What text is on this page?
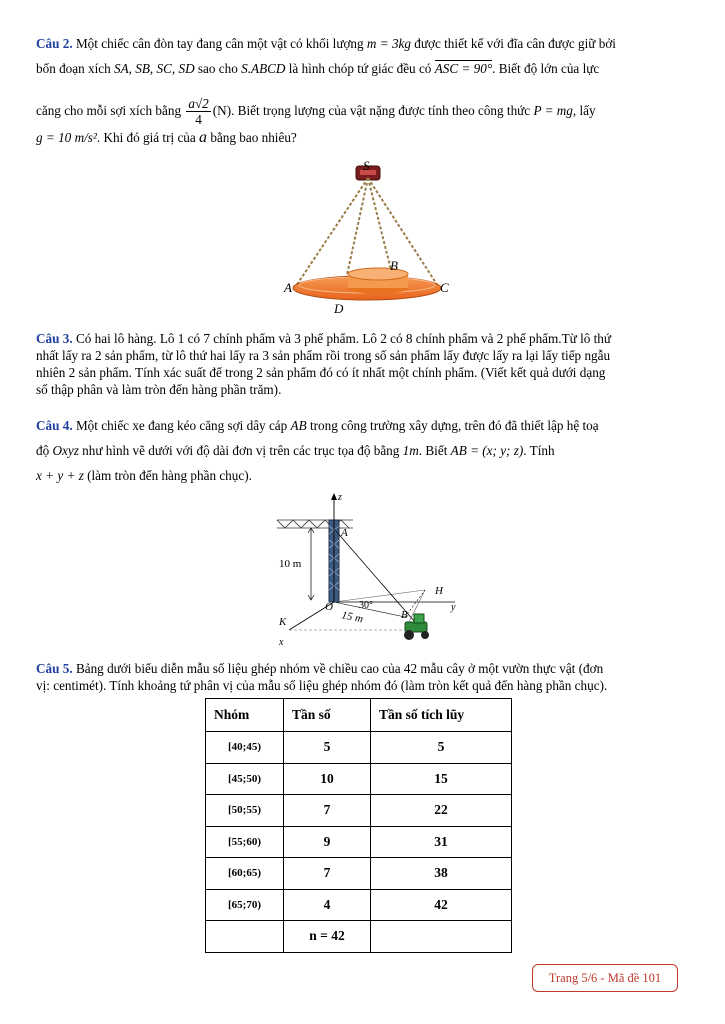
Câu 2. Một chiếc cân đòn tay đang cân một vật có khối lượng m = 3kg được thiết kế với đĩa cân được giữ bởi
bốn đoạn xích SA, SB, SC, SD sao cho S.ABCD là hình chóp tứ giác đều có ASC = 90°. Biết độ lớn của lực
căng cho mỗi sợi xích bằng $\frac{a√2}{4} (N)$. Biết trọng lượng của vật nặng được tính theo công thức P = mg, lấy
g = 10 m/s². Khi đó giá trị của a bằng bao nhiêu?
S
A
B
C
D
Câu 3. Có hai lô hàng. Lô 1 có 7 chính phẩm và 3 phế phẩm. Lô 2 có 8 chính phẩm và 2 phế phẩm.Từ lô thứ
nhất lấy ra 2 sản phẩm, từ lô thứ hai lấy ra 3 sản phẩm rồi trong số sản phẩm lấy được lấy ra lại lấy tiếp ngẫu
nhiên 2 sản phẩm. Tính xác suất để trong 2 sản phẩm đó có ít nhất một chính phẩm. (Viết kết quả dưới dạng
số thập phân và làm tròn đến hàng phần trăm).
Câu 4. Một chiếc xe đang kéo căng sợi dây cáp AB trong công trường xây dựng, trên đó đã thiết lập hệ toạ
độ Oxyz như hình vẽ dưới với độ dài đơn vị trên các trục tọa độ bằng 1m. Biết AB = (x; y; z). Tính
x + y + z (làm tròn đến hàng phần chục).
z
A
H
y
O
B
K
x
10 m
15 m
30°
Câu 5. Bảng dưới biểu diễn mẫu số liệu ghép nhóm về chiều cao của 42 mẫu cây ở một vườn thực vật (đơn
vị: centimét). Tính khoảng tứ phân vị của mẫu số liệu ghép nhóm đó (làm tròn kết quả đến hàng phần chục).
Nhóm	Tần số	Tần số tích lũy
[40;45)	5	5
[45;50)	10	15
[50;55)	7	22
[55;60)	9	31
[60;65)	7	38
[65;70)	4	42
	n = 42	
Trang 5/6 - Mã đề 101
